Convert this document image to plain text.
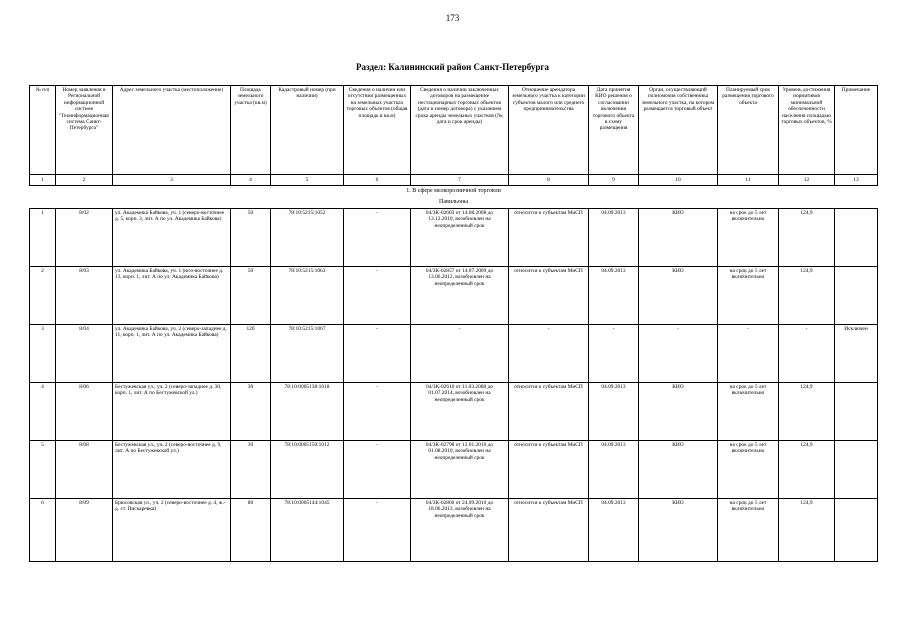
173
Раздел: Калининский район Санкт-Петербурга
№ п/п	Номер заявления в Региональной информационной системе "Геоинформационная система Санкт-Петербурга"	Адрес земельного участка (местоположение)	Площадь земельного участка (кв.м)	Кадастровый номер (при наличии)	Сведения о наличии или отсутствии размещенных на земельных участках торговых объектов (общая площадь в кв.м)	Сведения о наличии заключенных договоров на размещение нестационарных торговых объектов (дата и номер договора) с указанием срока аренды земельных участков (№, дата и срок аренды)	Отношение арендатора земельного участка к категории субъектов малого или среднего предпринимательства	Дата принятия КИО решения о согласовании включения торгового объекта в схему размещения	Орган, осуществляющий полномочия собственника земельного участка, на котором размещается торговый объект	Планируемый срок размещения торгового объекта	Уровень достижения нормативов минимальной обеспеченности населения площадью торговых объектов, %	Примечание
1	2	3	4	5	6	7	8	9	10	11	12	13
1. В сфере мелкорозничной торговли												
Павильоны												
1	8/02	ул. Академика Байкова, уч. 1 (северо-восточнее д. 5, корп. 3, лит. А по ул. Академика Байкова)	50	78:10:5215:1052	-	04/ЗК-02603 от 14.08.2008 до 13.12.2010, возобновлен на неопределенный срок	относится к субъектам МиСП	04.09.2013	КИО	на срок до 5 лет включительно	124,9	
2	8/03	ул. Академика Байкова, уч. 1 (юго-восточнее д. 13, корп. 1, лит. А по ул. Академика Байкова)	50	78:10:5215:1063	-	04/ЗК-02857 от 14.07.2009 до 13.06.2012, возобновлен на неопределенный срок	относится к субъектам МиСП	04.09.2013	КИО	на срок до 5 лет включительно	124,9	
3	8/04	ул. Академика Байкова, уч. 2 (северо-западнее д. 11, корп. 1, лит. А по ул. Академика Байкова)	120	78:10:5215:1067	-	-	-	-	-	-	-	Исключен
4	8/06	Бестужевская ул., уч. 2 (северо-западнее д. 30, корп. 1, лит. А по Бестужевской ул.)	30	78:10:0005138:1018	-	04/ЗК-02610 от 11.03.2008 до 01.07.2014, возобновлен на неопределенный срок	относится к субъектам МиСП	04.09.2013	КИО	на срок до 5 лет включительно	124,9	
5	8/08	Бестужевская ул., уч. 2 (северо-восточнее д. 9, лит. А по Бестужевской ул.)	30	78:10:0005150:1012	-	04/ЗК-02798 от 12.01.2010 до 01.08.2010, возобновлен на неопределенный срок	относится к субъектам МиСП	04.09.2013	КИО	на срок до 5 лет включительно	124,9	
6	8/09	Брюсовская ул., уч. 2 (северо-восточнее д. 4, ж.-д. ст. Пискаревка)	80	78:10:0005144:1045	-	04/ЗК-02860 от 24.09.2010 до 18.06.2013, возобновлен на неопределенный срок	относится к субъектам МиСП	04.09.2013	КИО	на срок до 5 лет включительно	124,9	
